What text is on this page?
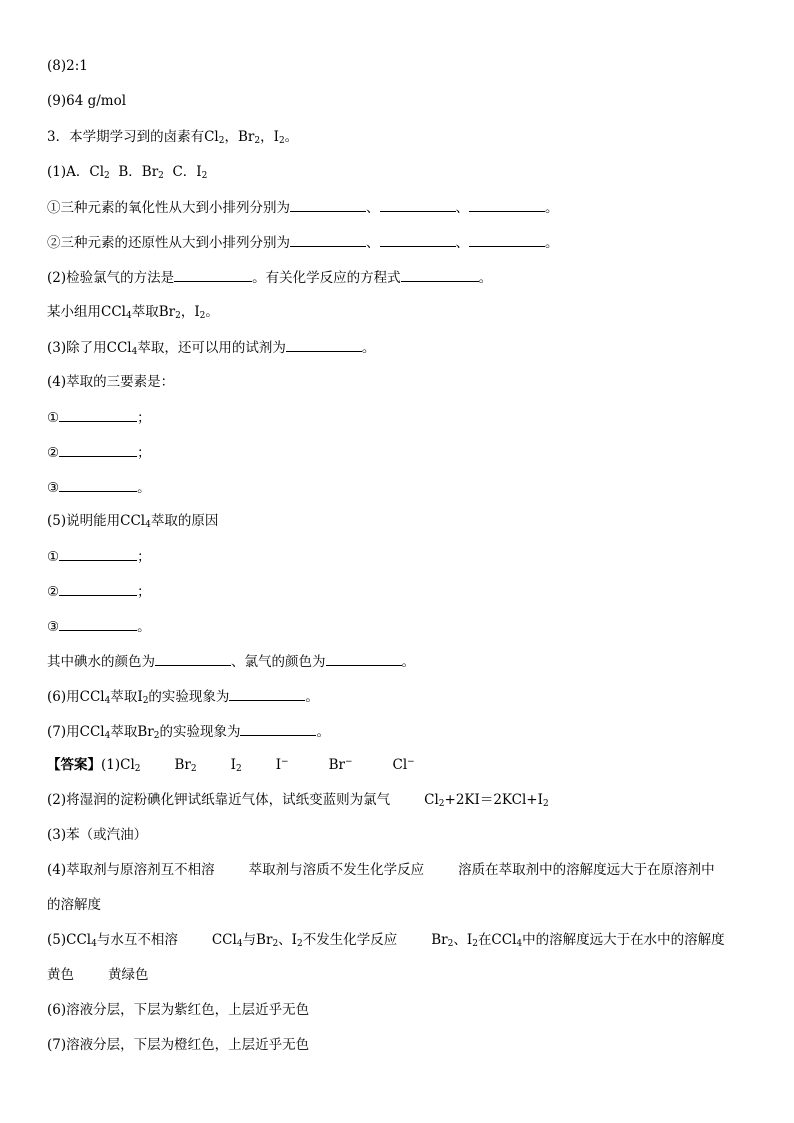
(8)2:1
(9)64 g/mol
3．本学期学习到的卤素有$Cl_2$，$Br_2$，$I_2$。
(1)A．$Cl_2$  B．$Br_2$  C．$I_2$
①三种元素的氧化性从大到小排列分别为	、	、	。
②三种元素的还原性从大到小排列分别为	、	、	。
(2)检验氯气的方法是	。有关化学反应的方程式	。
某小组用CCl$_4$萃取$Br_2$，$I_2$。
(3)除了用CCl$_4$萃取，还可以用的试剂为	。
(4)萃取的三要素是：
①	；
②	；
③	。
(5)说明能用CCl$_4$萃取的原因
①	；
②	；
③	。
其中碘水的颜色为	、氯气的颜色为	。
(6)用CCl$_4$萃取$I_2$的实验现象为	。
(7)用CCl$_4$萃取$Br_2$的实验现象为	。
【答案】$(1)Cl_2$	$Br_2$	$I_2$	I−	Br−	Cl−
(2)将湿润的淀粉碘化钾试纸靠近气体，试纸变蓝则为氯气	$Cl_2+2KI=2KCl+I_2$
(3)苯（或汽油）
(4)萃取剂与原溶剂互不相溶	萃取剂与溶质不发生化学反应	溶质在萃取剂中的溶解度远大于在原溶剂中
的溶解度
(5)CCl$_4$与水互不相溶	CCl$_4$与$Br_2$、$I_2$不发生化学反应	$Br_2$、$I_2$在CCl$_4$中的溶解度远大于在水中的溶解度
黄色	黄绿色
(6)溶液分层，下层为紫红色，上层近乎无色
(7)溶液分层，下层为橙红色，上层近乎无色
